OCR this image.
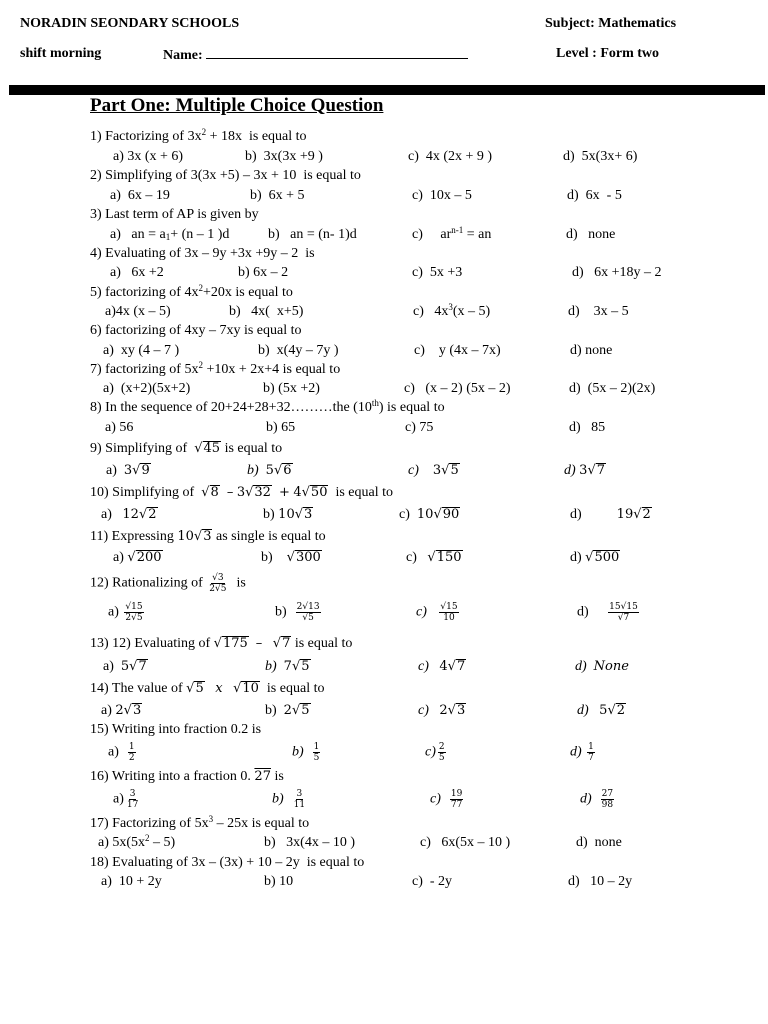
NORADIN SEONDARY SCHOOLS	Subject: Mathematics
shift morning	Name:	Level : Form two
Part One: Multiple Choice Question
1) Factorizing of $3x^2 + 18x$  is equal to
a) 3x (x + 6)	b)  3x(3x +9 )	c)  4x (2x + 9 )	d)  5x(3x+ 6)
2) Simplifying of 3(3x +5) – 3x + 10  is equal to
a)  6x – 19	b)  6x + 5	c)  10x – 5	d)  6x  - 5
3) Last term of AP is given by
a)   an = $a_1+ (n - 1$ )d	b)   an = (n- 1)d	c)     $ar^{n-1}$ = an	d)   none
4) Evaluating of 3x – 9y +3x +9y – 2  is
a)   6x +2	b) 6x – 2	c)  5x +3	d)   6x +18y – 2
5) factorizing of $4x^2+20x$ is equal to
a)4x (x – 5)	b)   4x(  x+5)	c)   $4x^3(x - 5)$	d)    3x – 5
6) factorizing of 4xy – 7xy is equal to
a)  xy (4 – 7 )	b)  x(4y – 7y )	c)    y (4x – 7x)	d) none
7) factorizing of $5x^2 +10x + 2x+4$ is equal to
a)  (x+2)(5x+2)	b) (5x +2)	c)   (x – 2) (5x – 2)	d)  (5x – 2)(2x)
8) In the sequence of 20+24+28+32………the (10th) is equal to
a) 56	b) 65	c) 75	d)   85
9) Simplifying of  √45 is equal to
a)  3√9	b) 5√6	c) 3√5	d) 3√7
10) Simplifying of  √8 – 3√32 + 4√50  is equal to
a)   12√2	b) 10√3	c)  10√90	d)          19√2
11) Expressing 10√3 as single is equal to
a) √200	b)    √300	c)   √150	d) √500
12) Rationalizing of $\frac{√3}{2√5}$ is
$a) \frac{√15}{2√5}$	$b) \frac{2√13}{√5}$	$c) \frac{√15}{10}$	$d) \frac{15√15}{√7}$
13) 12) Evaluating of √175 – √7 is equal to
a)  5√7	b) 7√5	c) 4√7	d) None
14) The value of √5 x √10  is equal to
a) 2√3	b)  2√5	c) 2√3	d) 5√2
15) Writing into fraction 0.2 is
$a) \frac{1}{2}$	$b) \frac{1}{5}$	$c) \frac{2}{5}$	$d) \frac{1}{7}$
16) Writing into a fraction 0. 27 is
$a) \frac{3}{17}$	$b) \frac{3}{11}$	$c) \frac{19}{77}$	$d) \frac{27}{98}$
17) Factorizing of $5x^3 - 25x$ is equal to
a) $5x(5x^2 - 5)$	b)   3x(4x – 10 )	c)   6x(5x – 10 )	d)  none
18) Evaluating of 3x – (3x) + 10 – 2y  is equal to
a)  10 + 2y	b) 10	c)  - 2y	d)   10 – 2y
